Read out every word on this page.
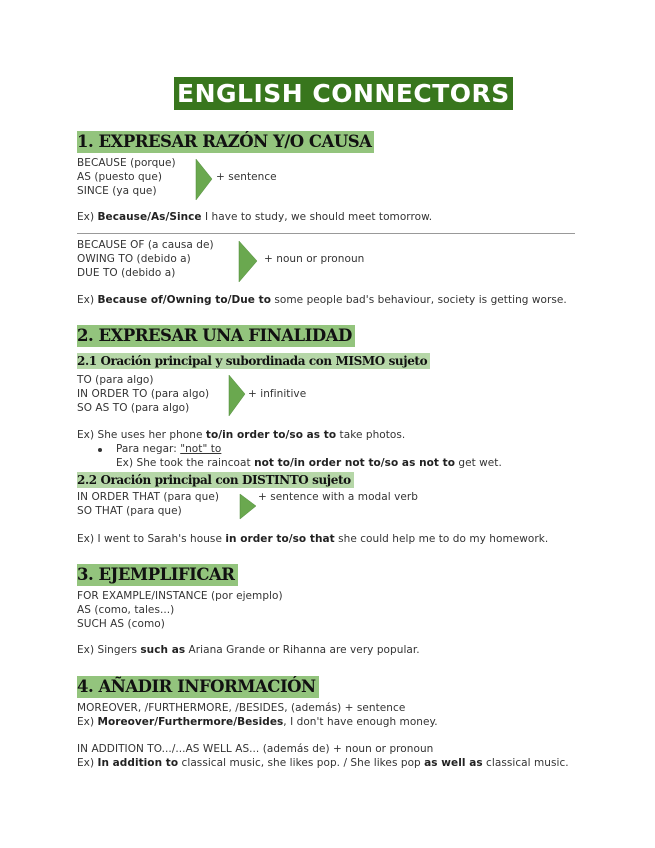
ENGLISH CONNECTORS
1. EXPRESAR RAZÓN Y/O CAUSA
BECAUSE (porque)
AS (puesto que)
SINCE (ya que)
+ sentence
Ex) Because/As/Since I have to study, we should meet tomorrow.
BECAUSE OF (a causa de)
OWING TO (debido a)
DUE TO (debido a)
+ noun or pronoun
Ex) Because of/Owning to/Due to some people bad's behaviour, society is getting worse.
2. EXPRESAR UNA FINALIDAD
2.1 Oración principal y subordinada con MISMO sujeto
TO (para algo)
IN ORDER TO (para algo)
SO AS TO (para algo)
+ infinitive
Ex) She uses her phone to/in order to/so as to take photos.
Para negar: "not" to
Ex) She took the raincoat not to/in order not to/so as not to get wet.
2.2 Oración principal con DISTINTO sujeto
IN ORDER THAT (para que)
SO THAT (para que)
+ sentence with a modal verb
Ex) I went to Sarah's house in order to/so that she could help me to do my homework.
3. EJEMPLIFICAR
FOR EXAMPLE/INSTANCE (por ejemplo)
AS (como, tales...)
SUCH AS (como)
Ex) Singers such as Ariana Grande or Rihanna are very popular.
4. AÑADIR INFORMACIÓN
MOREOVER, /FURTHERMORE, /BESIDES, (además) + sentence
Ex) Moreover/Furthermore/Besides, I don't have enough money.
IN ADDITION TO.../...AS WELL AS... (además de) + noun or pronoun
Ex) In addition to classical music, she likes pop. / She likes pop as well as classical music.
